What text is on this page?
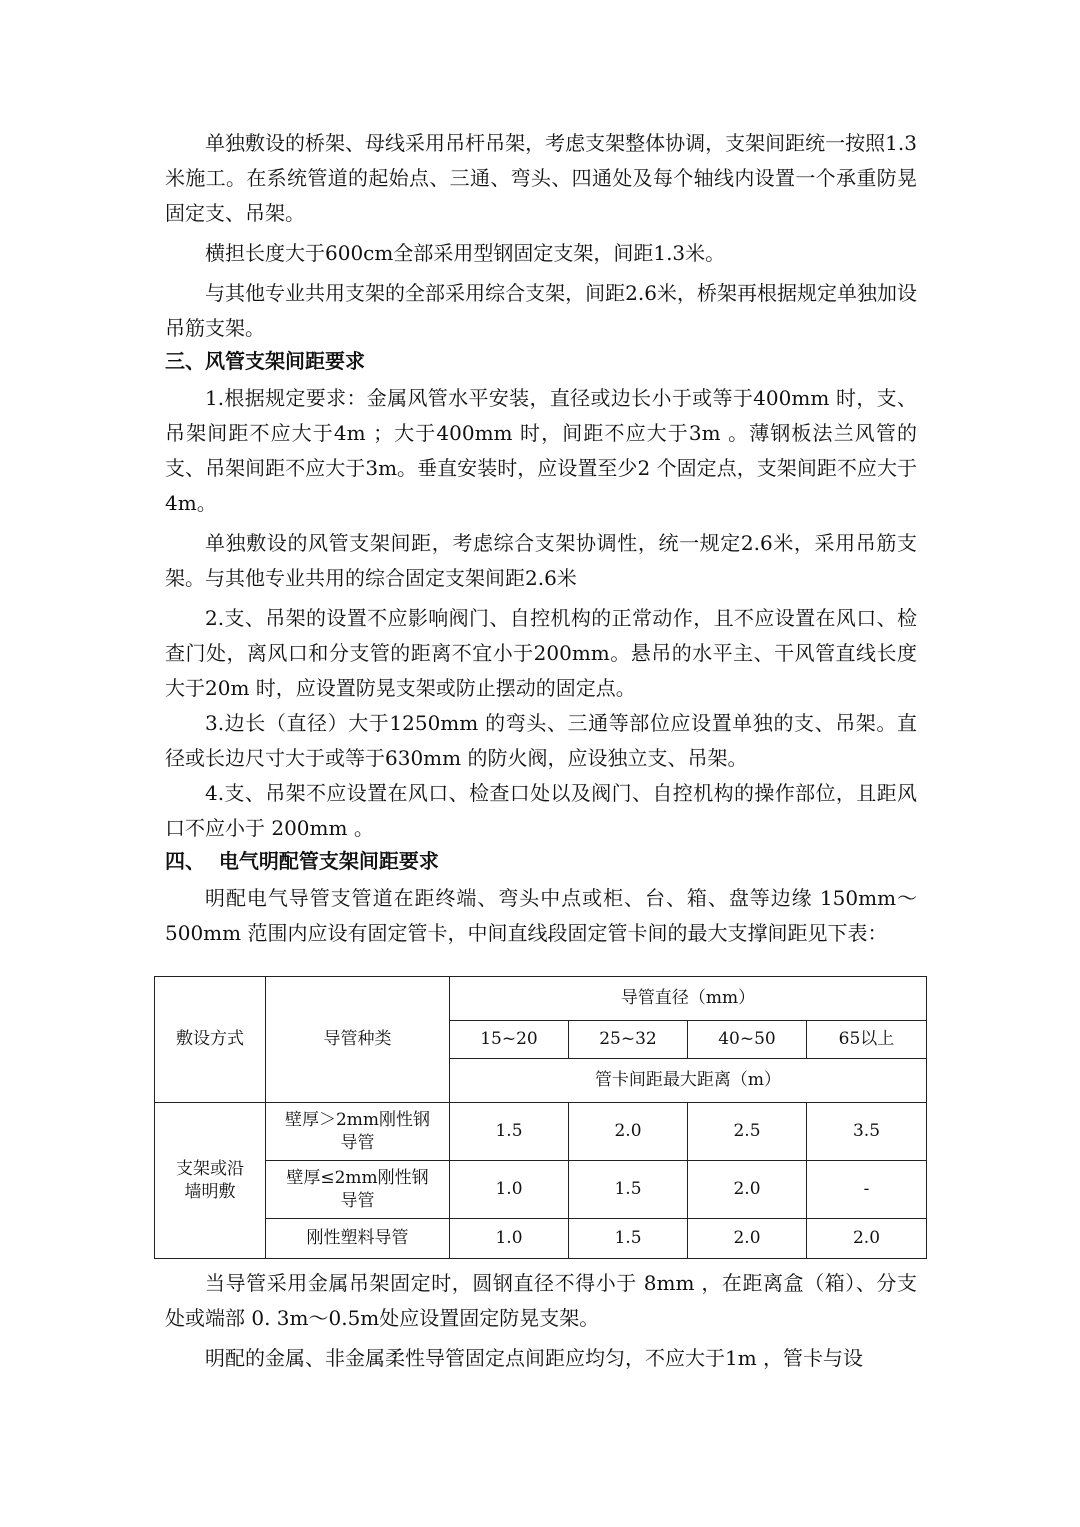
单独敷设的桥架、母线采用吊杆吊架，考虑支架整体协调，支架间距统一按照1.3米施工。在系统管道的起始点、三通、弯头、四通处及每个轴线内设置一个承重防晃固定支、吊架。

横担长度大于600cm全部采用型钢固定支架，间距1.3米。

与其他专业共用支架的全部采用综合支架，间距2.6米，桥架再根据规定单独加设吊筋支架。

三、风管支架间距要求

1.根据规定要求：金属风管水平安装，直径或边长小于或等于400mm 时，支、吊架间距不应大于4m ；大于400mm 时，间距不应大于3m 。薄钢板法兰风管的支、吊架间距不应大于3m。垂直安装时，应设置至少2 个固定点，支架间距不应大于4m。

单独敷设的风管支架间距，考虑综合支架协调性，统一规定2.6米，采用吊筋支架。与其他专业共用的综合固定支架间距2.6米

2.支、吊架的设置不应影响阀门、自控机构的正常动作，且不应设置在风口、检查门处，离风口和分支管的距离不宜小于200mm。悬吊的水平主、干风管直线长度大于20m 时，应设置防晃支架或防止摆动的固定点。

3.边长（直径）大于1250mm 的弯头、三通等部位应设置单独的支、吊架。直径或长边尺寸大于或等于630mm 的防火阀，应设独立支、吊架。

4.支、吊架不应设置在风口、检查口处以及阀门、自控机构的操作部位，且距风口不应小于 200mm 。

四、  电气明配管支架间距要求

明配电气导管支管道在距终端、弯头中点或柜、台、箱、盘等边缘 150mm～500mm 范围内应设有固定管卡，中间直线段固定管卡间的最大支撑间距见下表：

敷设方式	导管种类	导管直径（mm）			
		15~20	25~32	40~50	65以上
		管卡间距最大距离（m）			

支架或沿墙明敷	壁厚＞2mm刚性钢导管	1.5	2.0	2.5	3.5

	壁厚≤2mm刚性钢导管	1.0	1.5	2.0	-
	刚性塑料导管	1.0	1.5	2.0	2.0

当导管采用金属吊架固定时，圆钢直径不得小于 8mm ，在距离盒（箱）、分支处或端部 0. 3m～0.5m处应设置固定防晃支架。

明配的金属、非金属柔性导管固定点间距应均匀，不应大于1m ，管卡与设
